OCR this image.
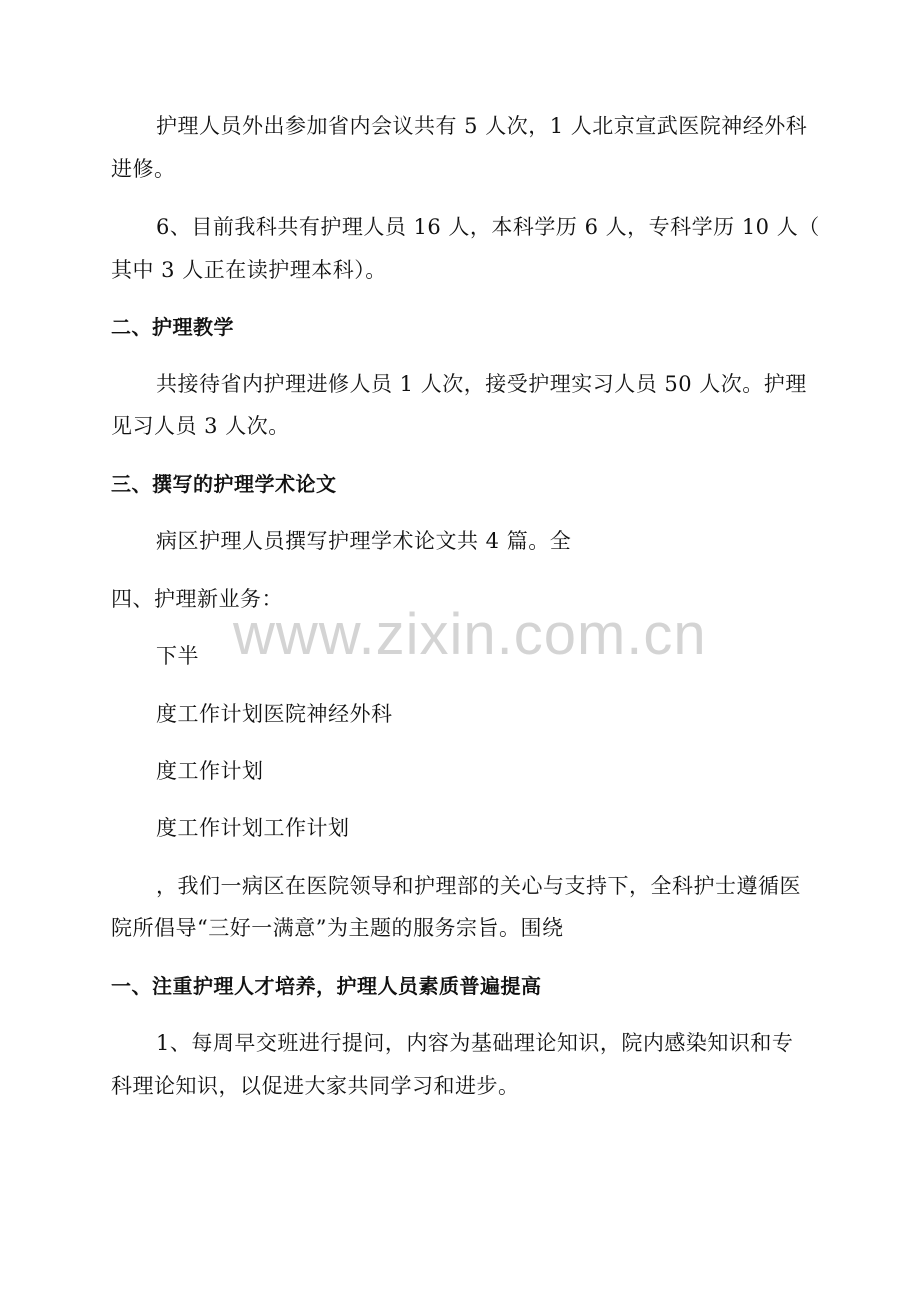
护理人员外出参加省内会议共有 5 人次，1 人北京宣武医院神经外科
进修。
6、目前我科共有护理人员 16 人，本科学历 6 人，专科学历 10 人（
其中 3 人正在读护理本科）。
二、护理教学
共接待省内护理进修人员 1 人次，接受护理实习人员 50 人次。护理
见习人员 3 人次。
三、撰写的护理学术论文
病区护理人员撰写护理学术论文共 4 篇。全
四、护理新业务：
下半
度工作计划医院神经外科
度工作计划
度工作计划工作计划
，我们一病区在医院领导和护理部的关心与支持下，全科护士遵循医
院所倡导“三好一满意”为主题的服务宗旨。围绕
一、注重护理人才培养，护理人员素质普遍提高
1、每周早交班进行提问，内容为基础理论知识，院内感染知识和专
科理论知识，以促进大家共同学习和进步。
www.zixin.com.cn
